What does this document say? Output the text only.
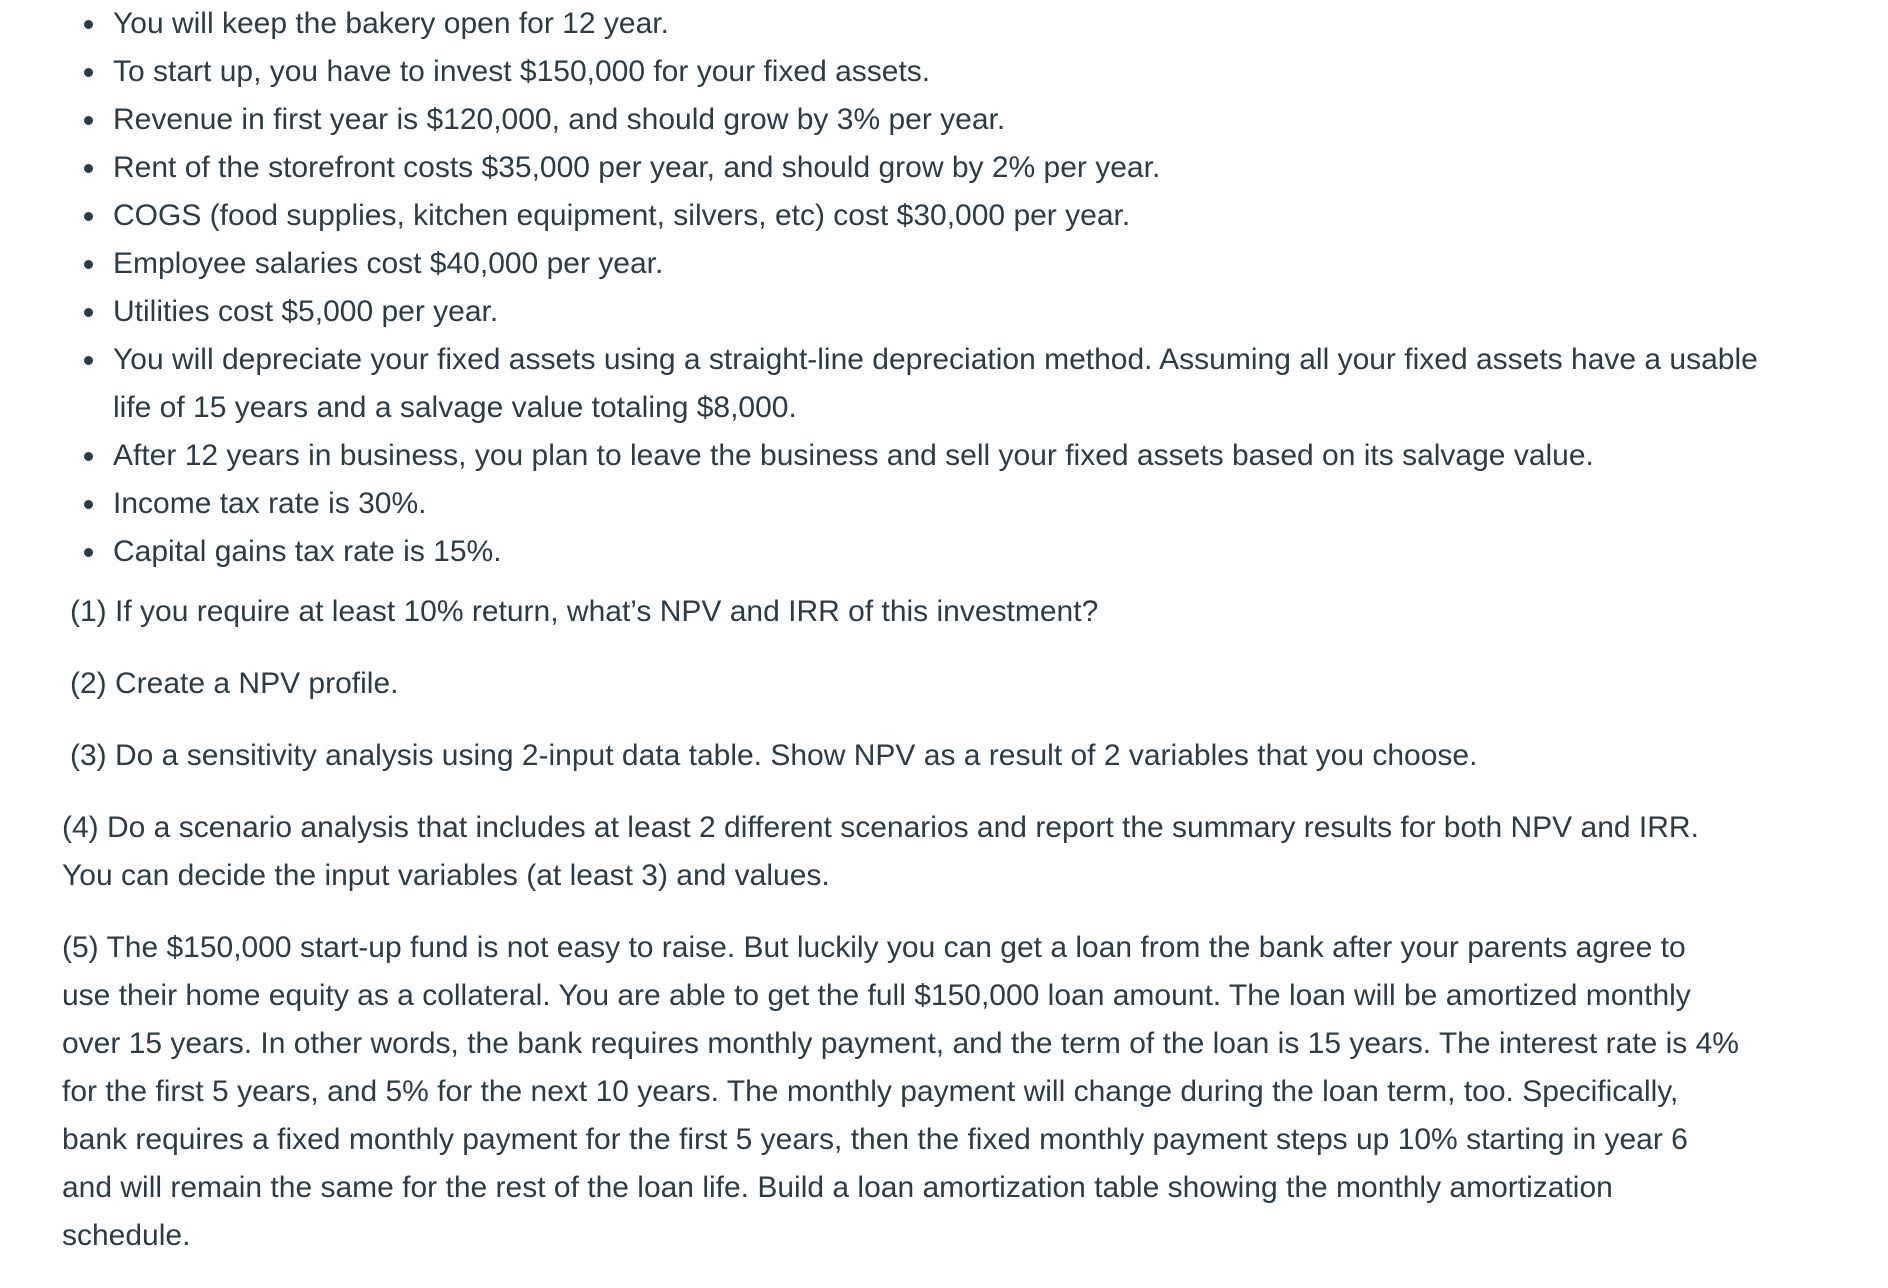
You will keep the bakery open for 12 year.
To start up, you have to invest $150,000 for your fixed assets.
Revenue in first year is $120,000, and should grow by 3% per year.
Rent of the storefront costs $35,000 per year, and should grow by 2% per year.
COGS (food supplies, kitchen equipment, silvers, etc) cost $30,000 per year.
Employee salaries cost $40,000 per year.
Utilities cost $5,000 per year.
You will depreciate your fixed assets using a straight-line depreciation method. Assuming all your fixed assets have a usable life of 15 years and a salvage value totaling $8,000.
After 12 years in business, you plan to leave the business and sell your fixed assets based on its salvage value.
Income tax rate is 30%.
Capital gains tax rate is 15%.

(1) If you require at least 10% return, what’s NPV and IRR of this investment?

(2) Create a NPV profile.

(3) Do a sensitivity analysis using 2-input data table. Show NPV as a result of 2 variables that you choose.

(4) Do a scenario analysis that includes at least 2 different scenarios and report the summary results for both NPV and IRR. You can decide the input variables (at least 3) and values.

(5) The $150,000 start-up fund is not easy to raise. But luckily you can get a loan from the bank after your parents agree to use their home equity as a collateral. You are able to get the full $150,000 loan amount. The loan will be amortized monthly over 15 years. In other words, the bank requires monthly payment, and the term of the loan is 15 years. The interest rate is 4% for the first 5 years, and 5% for the next 10 years. The monthly payment will change during the loan term, too. Specifically, bank requires a fixed monthly payment for the first 5 years, then the fixed monthly payment steps up 10% starting in year 6 and will remain the same for the rest of the loan life. Build a loan amortization table showing the monthly amortization schedule.
